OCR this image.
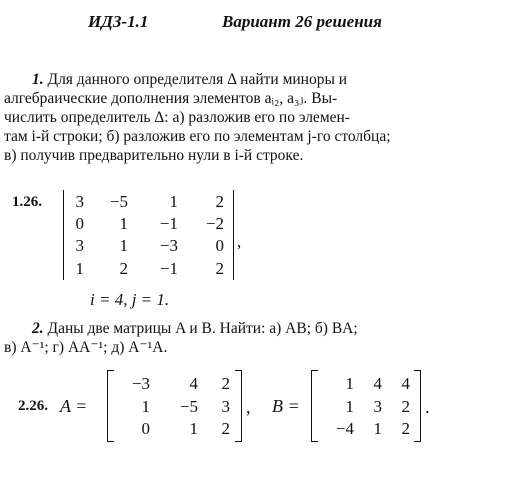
ИДЗ-1.1	Вариант 26 решения
1. Для данного определителя Δ найти миноры и
алгебраические дополнения элементов aᵢ₂, a₃ⱼ. Вы-
числить определитель Δ: а) разложив его по элемен-
там i-й строки; б) разложив его по элементам j-го столбца;
в) получив предварительно нули в i-й строке.
1.26.	3	−5	1	2
0	1	−1	−2
3	1	−3	0
1	2	−1	2
,
i = 4, j = 1.
2. Даны две матрицы A и B. Найти: а) AB; б) BA;
в) A⁻¹; г) AA⁻¹; д) A⁻¹A.
2.26. A =
−3	4	2
1	−5	3
0	1	2
, B =
1	4	4
1	3	2
−4	1	2
.
